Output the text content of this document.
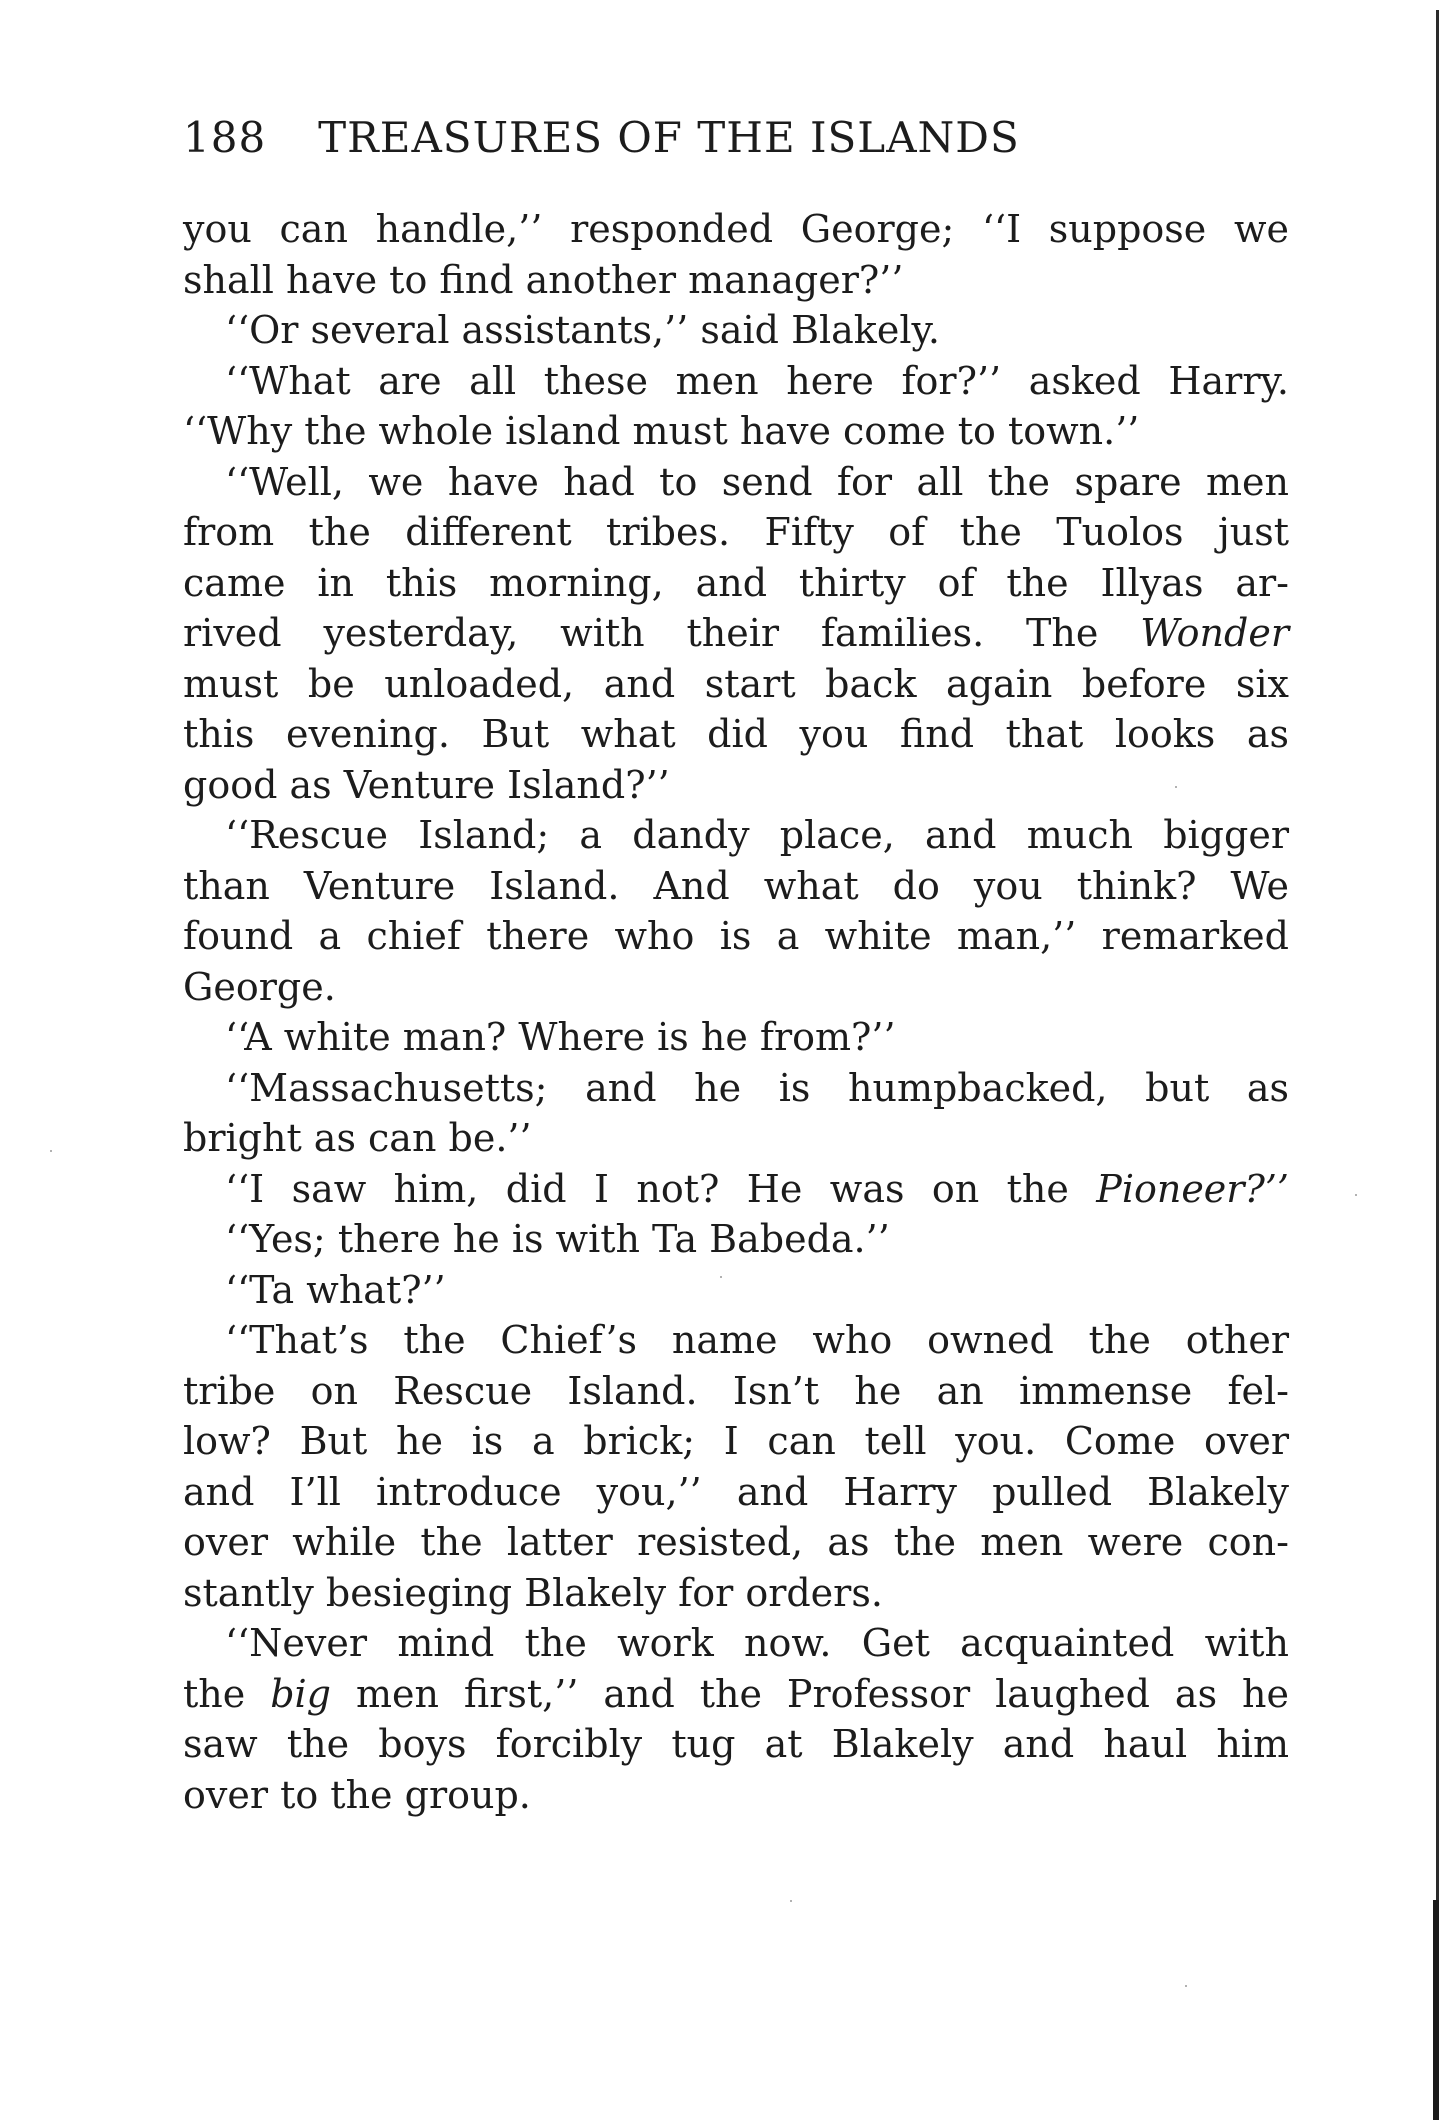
188 TREASURES OF THE ISLANDS
you can handle,’’ responded George; ‘‘I suppose we
shall have to find another manager?’’
‘‘Or several assistants,’’ said Blakely.
‘‘What are all these men here for?’’ asked Harry.
‘‘Why the whole island must have come to town.’’
‘‘Well, we have had to send for all the spare men
from the different tribes. Fifty of the Tuolos just
came in this morning, and thirty of the Illyas ar-
rived yesterday, with their families. The Wonder
must be unloaded, and start back again before six
this evening. But what did you find that looks as
good as Venture Island?’’
‘‘Rescue Island; a dandy place, and much bigger
than Venture Island. And what do you think? We
found a chief there who is a white man,’’ remarked
George.
‘‘A white man? Where is he from?’’
‘‘Massachusetts; and he is humpbacked, but as
bright as can be.’’
‘‘I saw him, did I not? He was on the Pioneer?’’
‘‘Yes; there he is with Ta Babeda.’’
‘‘Ta what?’’
‘‘That’s the Chief’s name who owned the other
tribe on Rescue Island. Isn’t he an immense fel-
low? But he is a brick; I can tell you. Come over
and I’ll introduce you,’’ and Harry pulled Blakely
over while the latter resisted, as the men were con-
stantly besieging Blakely for orders.
‘‘Never mind the work now. Get acquainted with
the big men first,’’ and the Professor laughed as he
saw the boys forcibly tug at Blakely and haul him
over to the group.
